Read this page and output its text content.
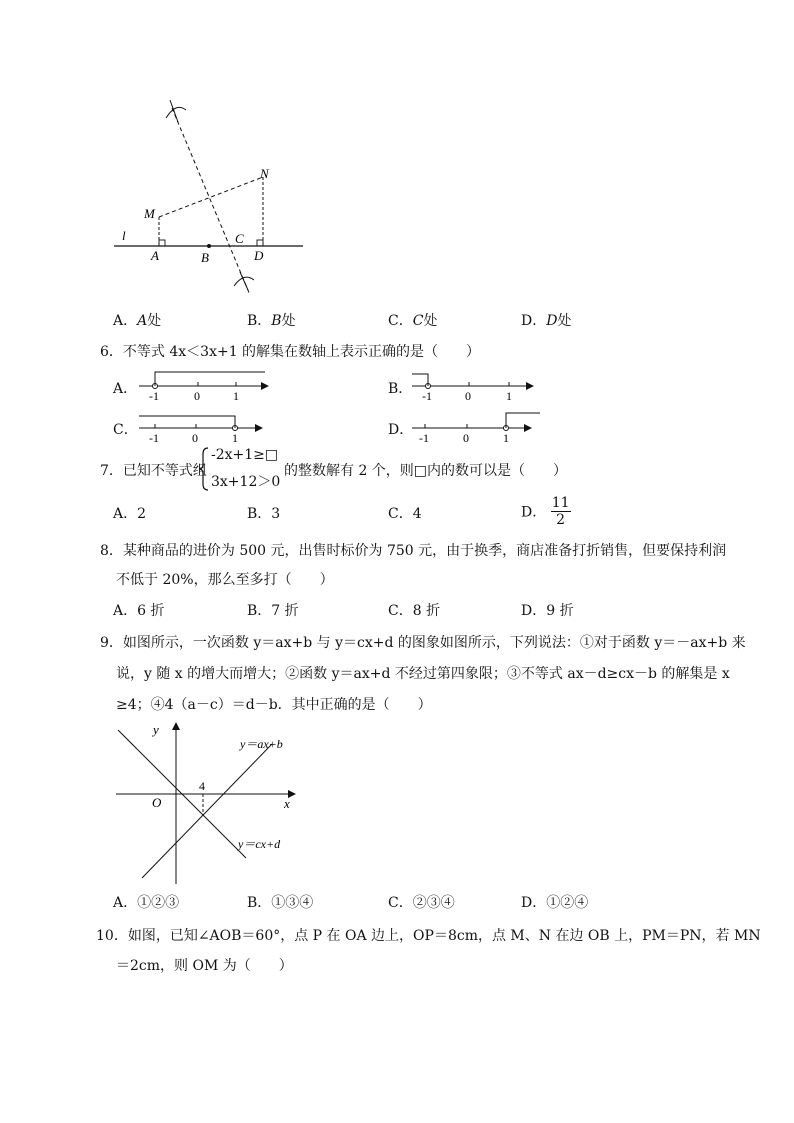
M
N
l
A	B
C
D
A．A处	B．B处	C．C处	D．D处
6．不等式 4x＜3x+1 的解集在数轴上表示正确的是（　　）
A． -1	0	1	B． -1	0	1
C． -1	0	1	D． -1	0	1
7．已知不等式组
-2x+1≥□
3x+12＞0
的整数解有 2 个，则□内的数可以是（　　）
A．2	B．3	C．4	D． $\frac{11}{2}$
8．某种商品的进价为 500 元，出售时标价为 750 元，由于换季，商店准备打折销售，但要保持利润
不低于 20%，那么至多打（　　）
A．6 折	B．7 折	C．8 折	D．9 折
9．如图所示，一次函数 y＝ax+b 与 y＝cx+d 的图象如图所示，下列说法：①对于函数 y＝－ax+b 来
说，y 随 x 的增大而增大；②函数 y＝ax+d 不经过第四象限；③不等式 ax－d≥cx－b 的解集是 x
≥4；④4（a－c）＝d－b．其中正确的是（　　）
y
x
O
4
y＝ax+b
y＝cx+d
A．①②③	B．①③④	C．②③④	D．①②④
10．如图，已知∠AOB＝60°，点 P 在 OA 边上，OP＝8cm，点 M、N 在边 OB 上，PM＝PN，若 MN
＝2cm，则 OM 为（　　）
